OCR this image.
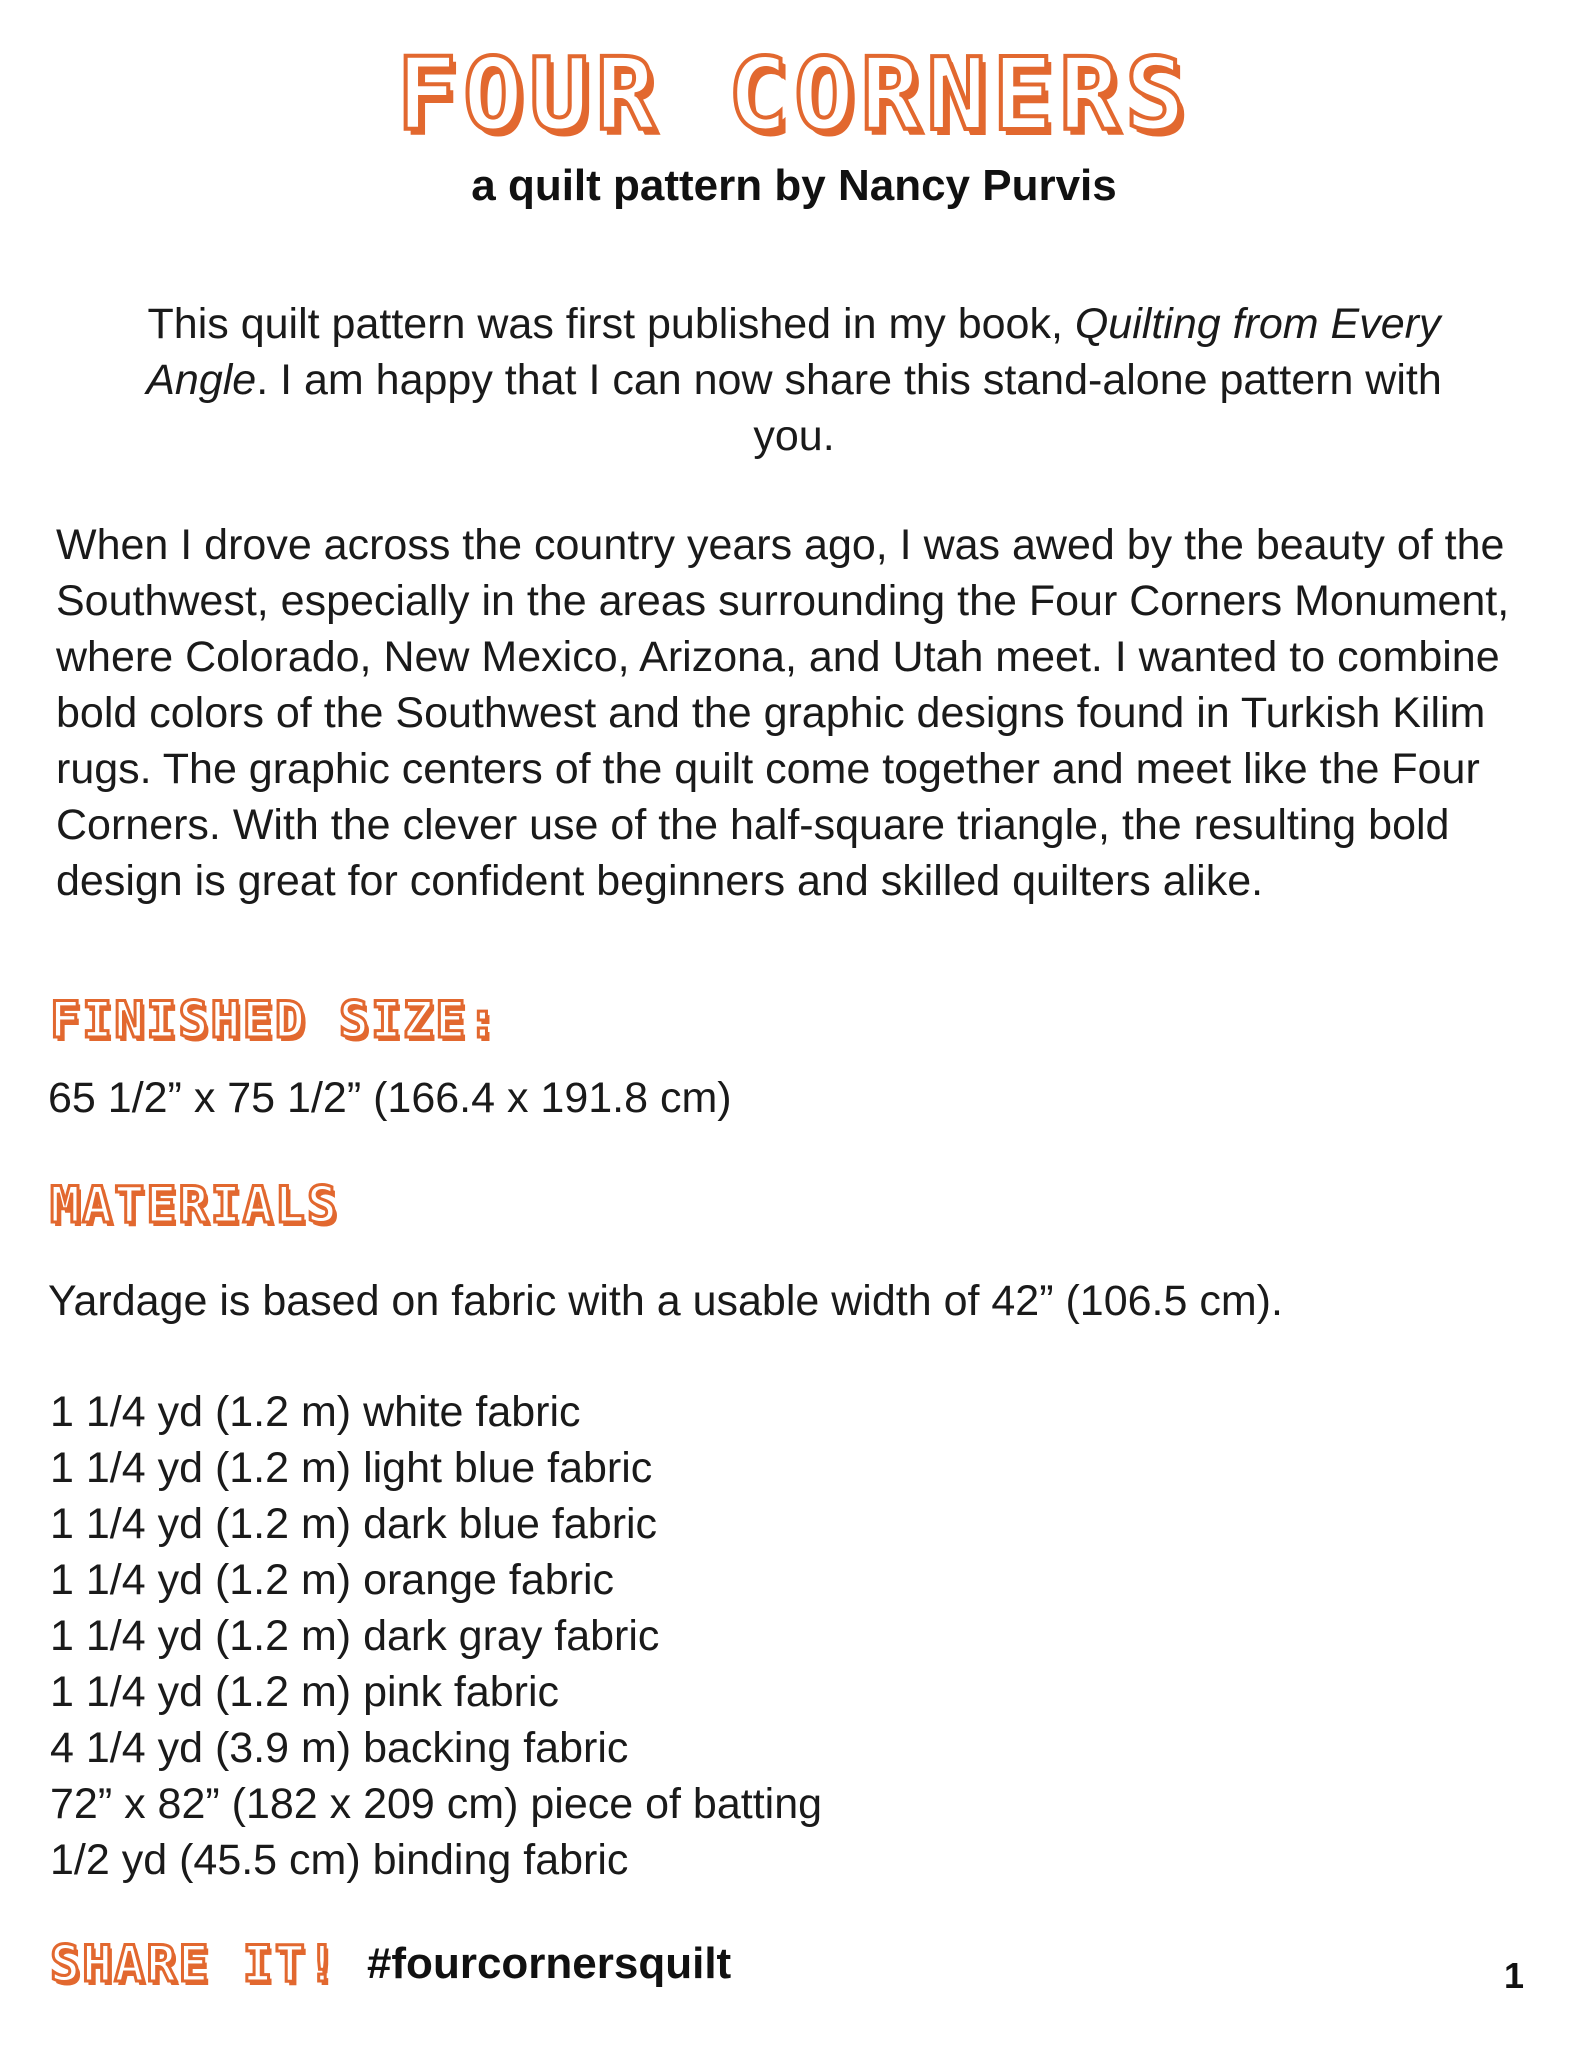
FOUR CORNERS
a quilt pattern by Nancy Purvis

This quilt pattern was first published in my book, Quilting from Every Angle. I am happy that I can now share this stand-alone pattern with you.

When I drove across the country years ago, I was awed by the beauty of the Southwest, especially in the areas surrounding the Four Corners Monument, where Colorado, New Mexico, Arizona, and Utah meet. I wanted to combine bold colors of the Southwest and the graphic designs found in Turkish Kilim rugs. The graphic centers of the quilt come together and meet like the Four Corners. With the clever use of the half-square triangle, the resulting bold design is great for confident beginners and skilled quilters alike.

FINISHED SIZE:

65 1/2” x 75 1/2” (166.4 x 191.8 cm)

MATERIALS

Yardage is based on fabric with a usable width of 42” (106.5 cm).

1 1/4 yd (1.2 m) white fabric
1 1/4 yd (1.2 m) light blue fabric
1 1/4 yd (1.2 m) dark blue fabric
1 1/4 yd (1.2 m) orange fabric
1 1/4 yd (1.2 m) dark gray fabric
1 1/4 yd (1.2 m) pink fabric
4 1/4 yd (3.9 m) backing fabric
72” x 82” (182 x 209 cm) piece of batting
1/2 yd (45.5 cm) binding fabric
SHARE IT! #fourcornersquilt	1
